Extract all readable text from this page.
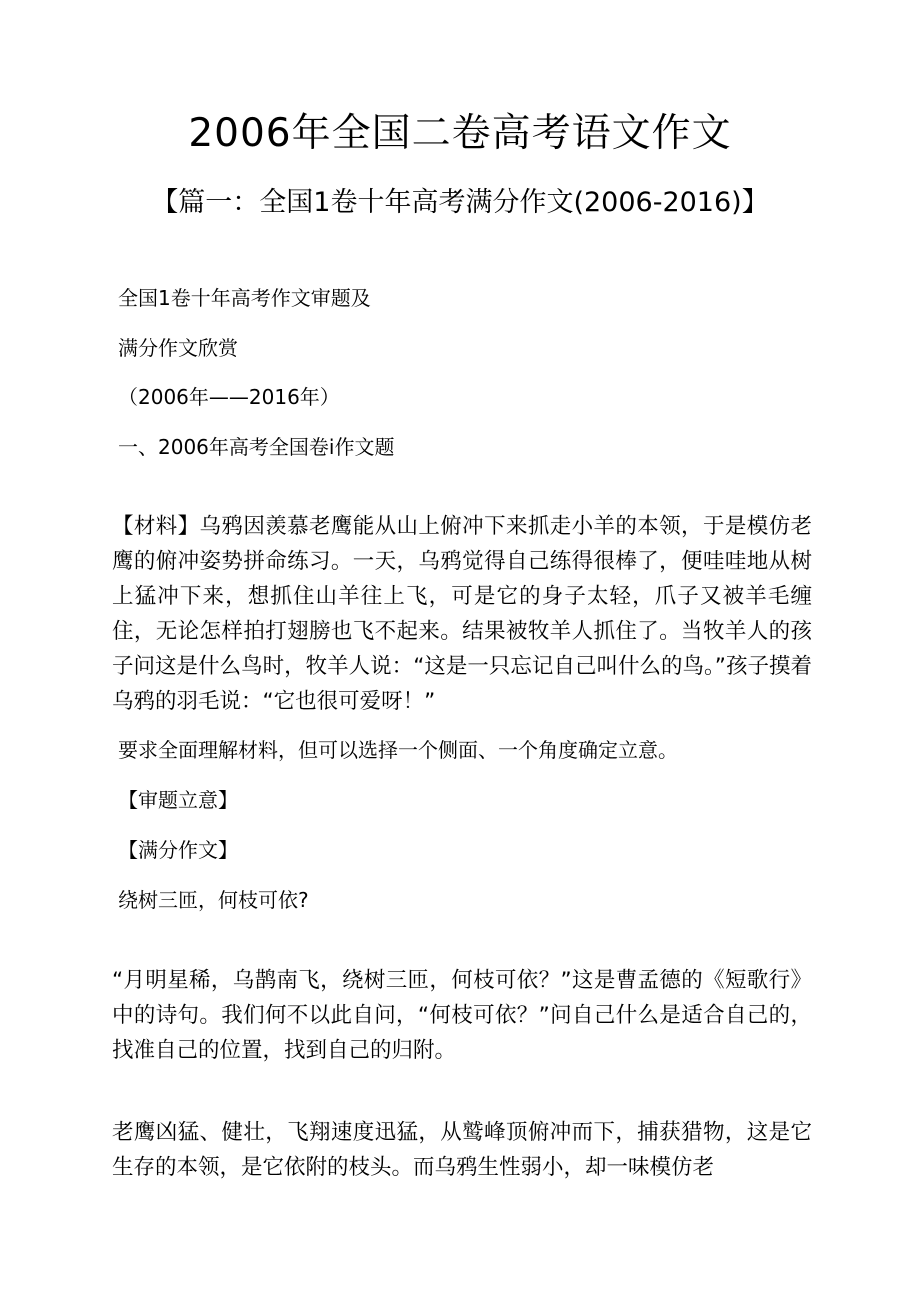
2006年全国二卷高考语文作文
【篇一：全国1卷十年高考满分作文(2006-2016)】
全国1卷十年高考作文审题及
满分作文欣赏
（2006年——2016年）
一、2006年高考全国卷i作文题
【材料】乌鸦因羡慕老鹰能从山上俯冲下来抓走小羊的本领，于是模仿老鹰的俯冲姿势拼命练习。一天，乌鸦觉得自己练得很棒了，便哇哇地从树上猛冲下来，想抓住山羊往上飞，可是它的身子太轻，爪子又被羊毛缠住，无论怎样拍打翅膀也飞不起来。结果被牧羊人抓住了。当牧羊人的孩子问这是什么鸟时，牧羊人说：“这是一只忘记自己叫什么的鸟。”孩子摸着乌鸦的羽毛说：“它也很可爱呀！”
要求全面理解材料，但可以选择一个侧面、一个角度确定立意。
【审题立意】
【满分作文】
绕树三匝，何枝可依?
“月明星稀，乌鹊南飞，绕树三匝，何枝可依？”这是曹孟德的《短歌行》中的诗句。我们何不以此自问，“何枝可依？”问自己什么是适合自己的，找准自己的位置，找到自己的归附。
老鹰凶猛、健壮，飞翔速度迅猛，从鹫峰顶俯冲而下，捕获猎物，这是它生存的本领，是它依附的枝头。而乌鸦生性弱小，却一味模仿老
